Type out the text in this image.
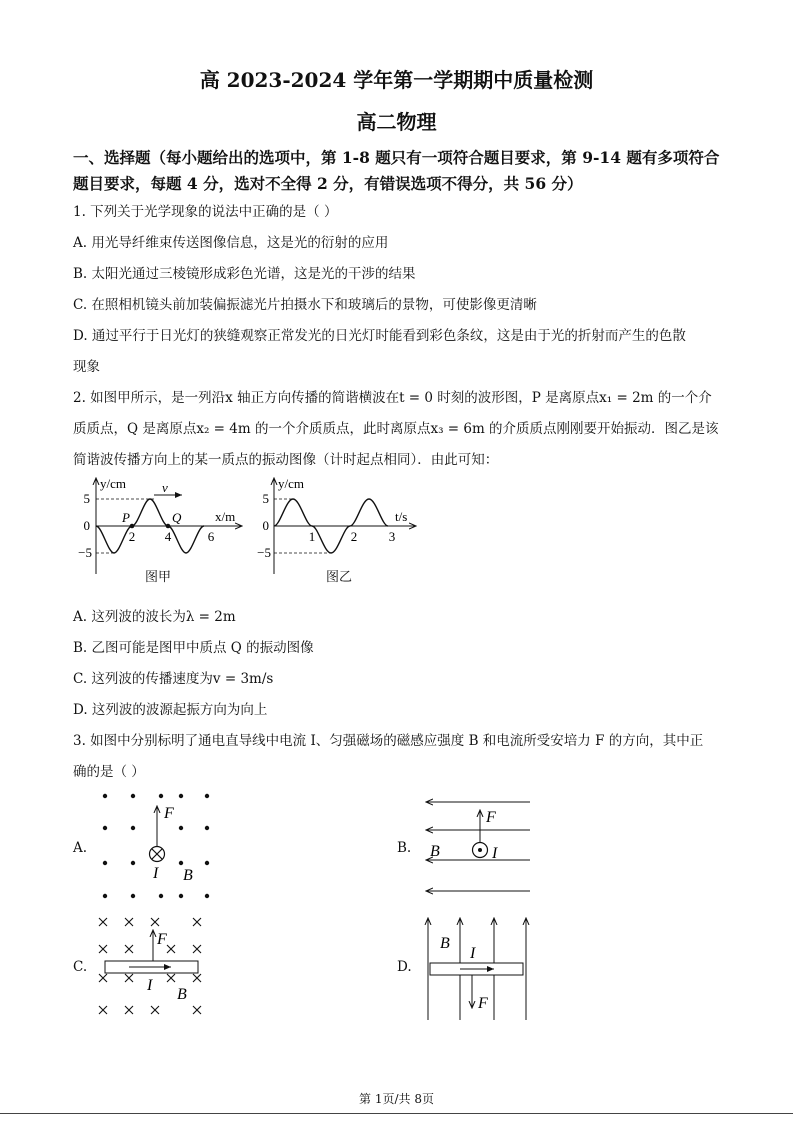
高 2023-2024 学年第一学期期中质量检测
高二物理
一、选择题（每小题给出的选项中，第 1-8 题只有一项符合题目要求，第 9-14 题有多项符合
题目要求，每题 4 分，选对不全得 2 分，有错误选项不得分，共 56 分）
1. 下列关于光学现象的说法中正确的是（ ）
A. 用光导纤维束传送图像信息，这是光的衍射的应用
B. 太阳光通过三棱镜形成彩色光谱，这是光的干涉的结果
C. 在照相机镜头前加装偏振滤光片拍摄水下和玻璃后的景物，可使影像更清晰
D. 通过平行于日光灯的狭缝观察正常发光的日光灯时能看到彩色条纹，这是由于光的折射而产生的色散
现象
2. 如图甲所示，是一列沿x 轴正方向传播的简谐横波在t = 0 时刻的波形图，P 是离原点x₁ = 2m 的一个介
质质点，Q 是离原点x₂ = 4m 的一个介质质点，此时离原点x₃ = 6m 的介质质点刚刚要开始振动．图乙是该
简谐波传播方向上的某一质点的振动图像（计时起点相同）．由此可知：
v
y/cm
x/m
5
0
−5
2 4	6
P	Q
图甲
y/cm
t/s
5
0
−5
1	2 3
图乙
A. 这列波的波长为λ = 2m
B. 乙图可能是图甲中质点 Q 的振动图像
C. 这列波的传播速度为v = 3m/s
D. 这列波的波源起振方向为向上
3. 如图中分别标明了通电直导线中电流 I、匀强磁场的磁感应强度 B 和电流所受安培力 F 的方向，其中正
确的是（ ）
A.
F
I B
B.
F
B	I
C.
F
I
B
D.
B
I
F
第 1页/共 8页
